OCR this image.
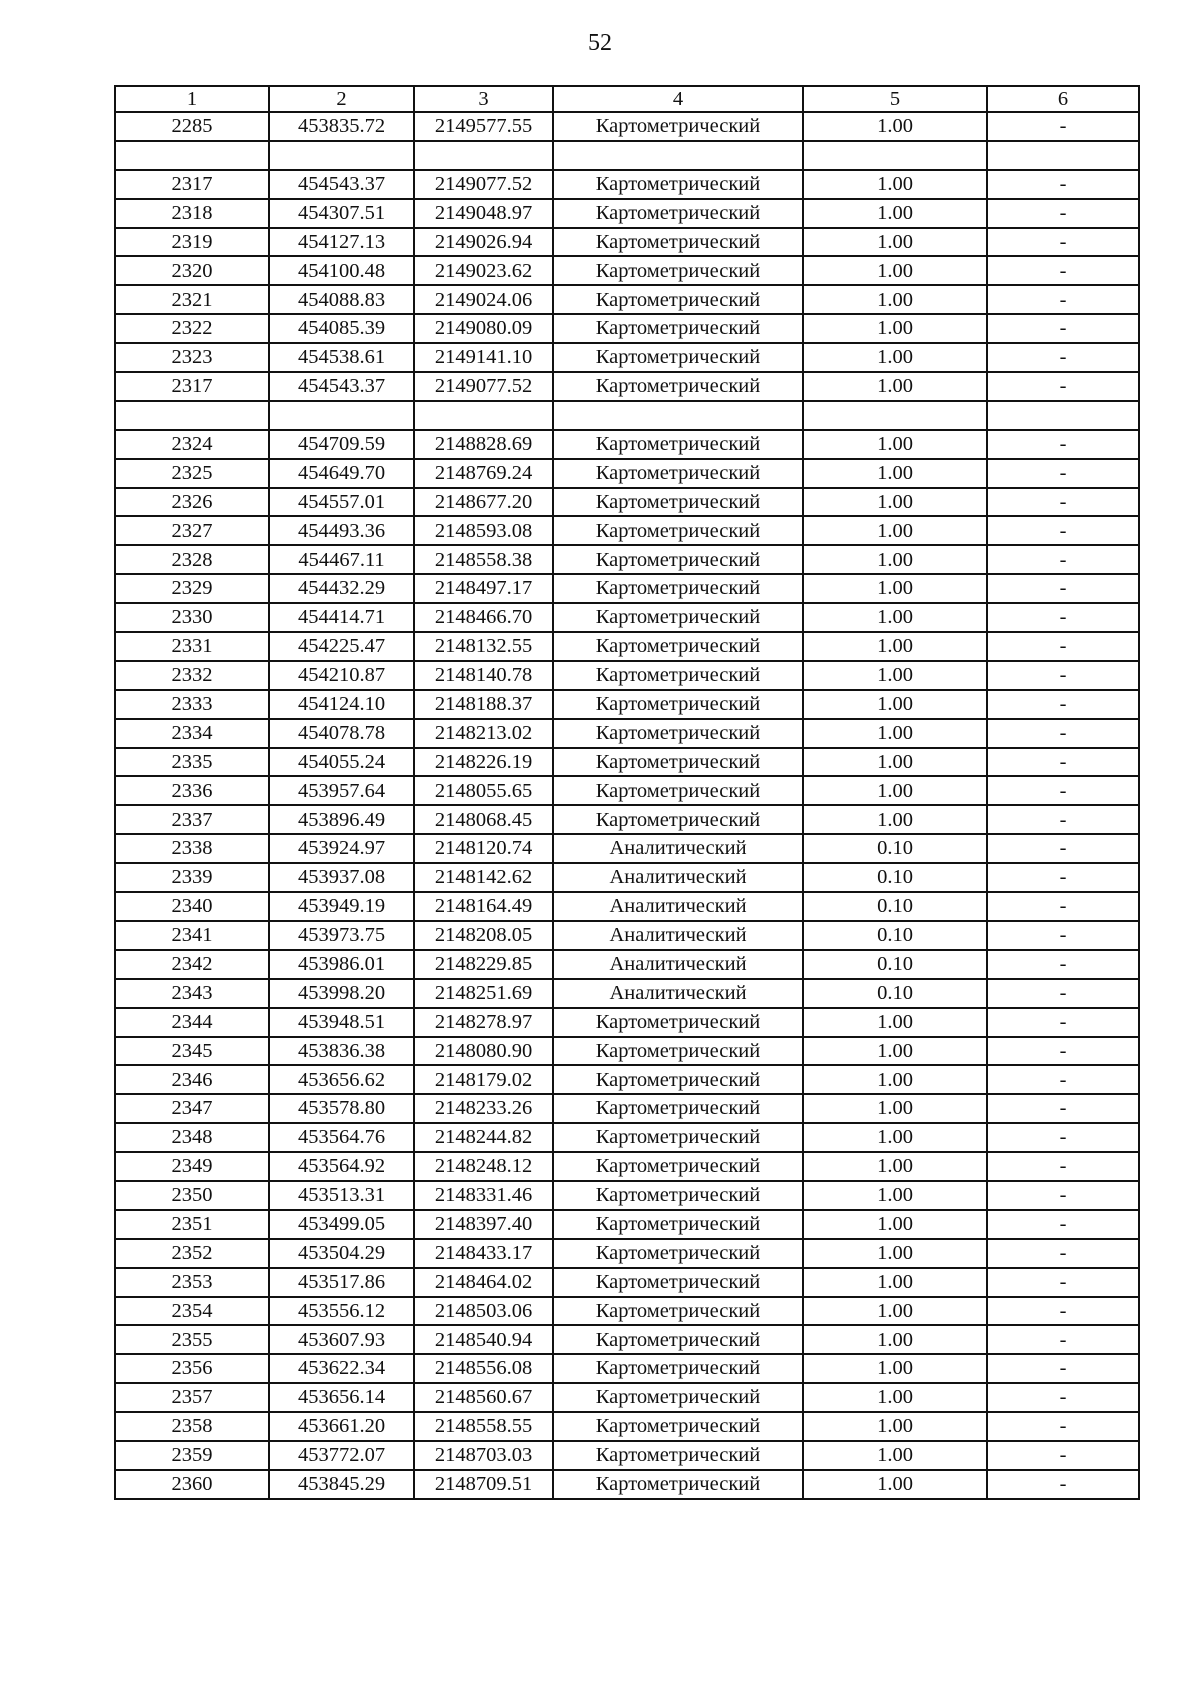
52
1	2	3	4	5	6
2285	453835.72	2149577.55	Картометрический	1.00	-

2317	454543.37	2149077.52	Картометрический	1.00	-
2318	454307.51	2149048.97	Картометрический	1.00	-
2319	454127.13	2149026.94	Картометрический	1.00	-
2320	454100.48	2149023.62	Картометрический	1.00	-
2321	454088.83	2149024.06	Картометрический	1.00	-
2322	454085.39	2149080.09	Картометрический	1.00	-
2323	454538.61	2149141.10	Картометрический	1.00	-
2317	454543.37	2149077.52	Картометрический	1.00	-

2324	454709.59	2148828.69	Картометрический	1.00	-
2325	454649.70	2148769.24	Картометрический	1.00	-
2326	454557.01	2148677.20	Картометрический	1.00	-
2327	454493.36	2148593.08	Картометрический	1.00	-
2328	454467.11	2148558.38	Картометрический	1.00	-
2329	454432.29	2148497.17	Картометрический	1.00	-
2330	454414.71	2148466.70	Картометрический	1.00	-
2331	454225.47	2148132.55	Картометрический	1.00	-
2332	454210.87	2148140.78	Картометрический	1.00	-
2333	454124.10	2148188.37	Картометрический	1.00	-
2334	454078.78	2148213.02	Картометрический	1.00	-
2335	454055.24	2148226.19	Картометрический	1.00	-
2336	453957.64	2148055.65	Картометрический	1.00	-
2337	453896.49	2148068.45	Картометрический	1.00	-
2338	453924.97	2148120.74	Аналитический	0.10	-
2339	453937.08	2148142.62	Аналитический	0.10	-
2340	453949.19	2148164.49	Аналитический	0.10	-
2341	453973.75	2148208.05	Аналитический	0.10	-
2342	453986.01	2148229.85	Аналитический	0.10	-
2343	453998.20	2148251.69	Аналитический	0.10	-
2344	453948.51	2148278.97	Картометрический	1.00	-
2345	453836.38	2148080.90	Картометрический	1.00	-
2346	453656.62	2148179.02	Картометрический	1.00	-
2347	453578.80	2148233.26	Картометрический	1.00	-
2348	453564.76	2148244.82	Картометрический	1.00	-
2349	453564.92	2148248.12	Картометрический	1.00	-
2350	453513.31	2148331.46	Картометрический	1.00	-
2351	453499.05	2148397.40	Картометрический	1.00	-
2352	453504.29	2148433.17	Картометрический	1.00	-
2353	453517.86	2148464.02	Картометрический	1.00	-
2354	453556.12	2148503.06	Картометрический	1.00	-
2355	453607.93	2148540.94	Картометрический	1.00	-
2356	453622.34	2148556.08	Картометрический	1.00	-
2357	453656.14	2148560.67	Картометрический	1.00	-
2358	453661.20	2148558.55	Картометрический	1.00	-
2359	453772.07	2148703.03	Картометрический	1.00	-
2360	453845.29	2148709.51	Картометрический	1.00	-
